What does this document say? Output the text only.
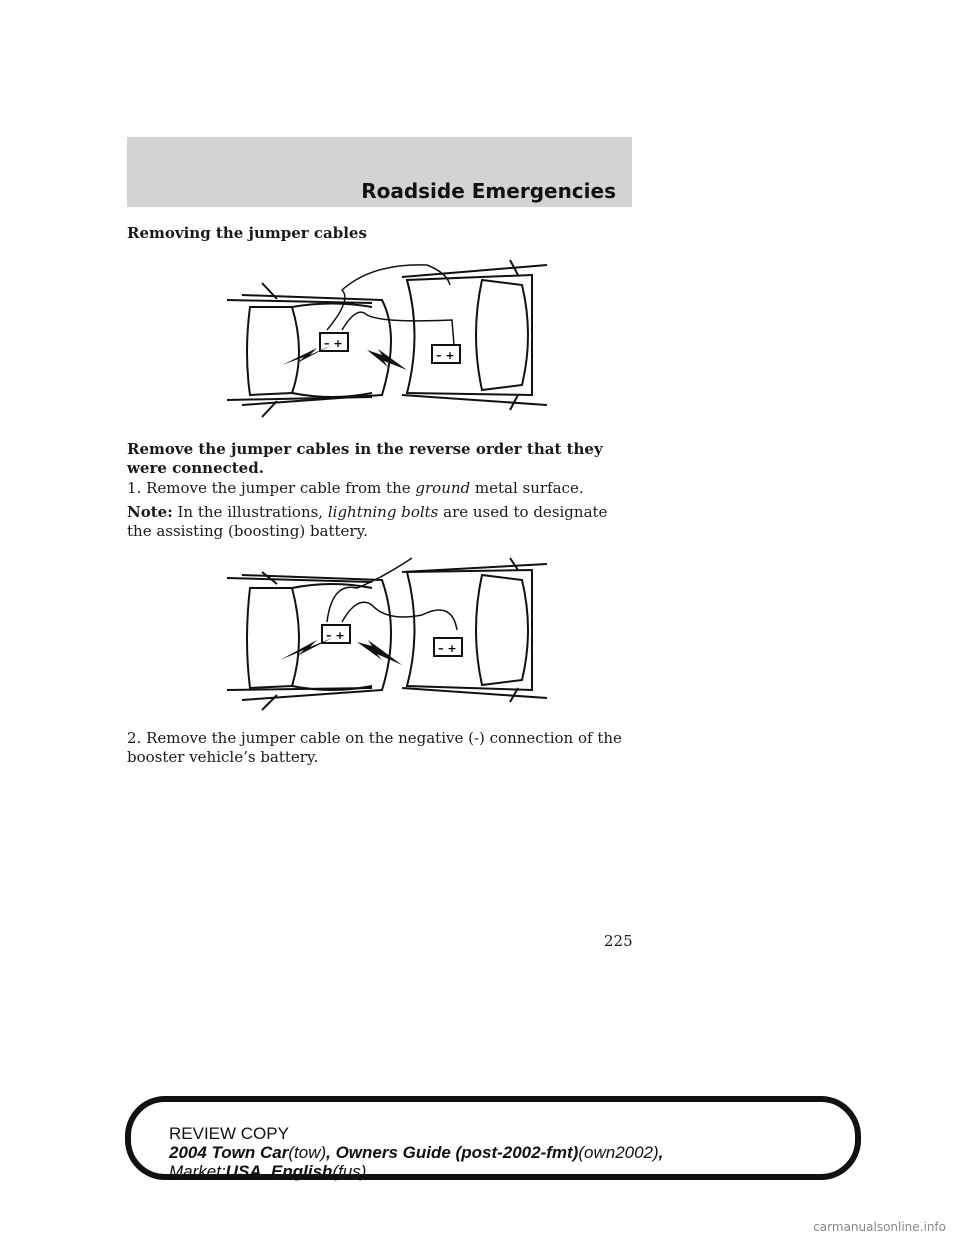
Roadside Emergencies
Removing the jumper cables
– +
– +

Remove the jumper cables in the reverse order that they were connected.

1. Remove the jumper cable from the ground metal surface.

Note: In the illustrations, lightning bolts are used to designate the assisting (boosting) battery.

– +
– +

2. Remove the jumper cable on the negative (-) connection of the booster vehicle’s battery.

225
REVIEW COPY
2004 Town Car(tow), Owners Guide (post-2002-fmt)(own2002),
Market:USA_English(fus)
carmanualsonline.info
